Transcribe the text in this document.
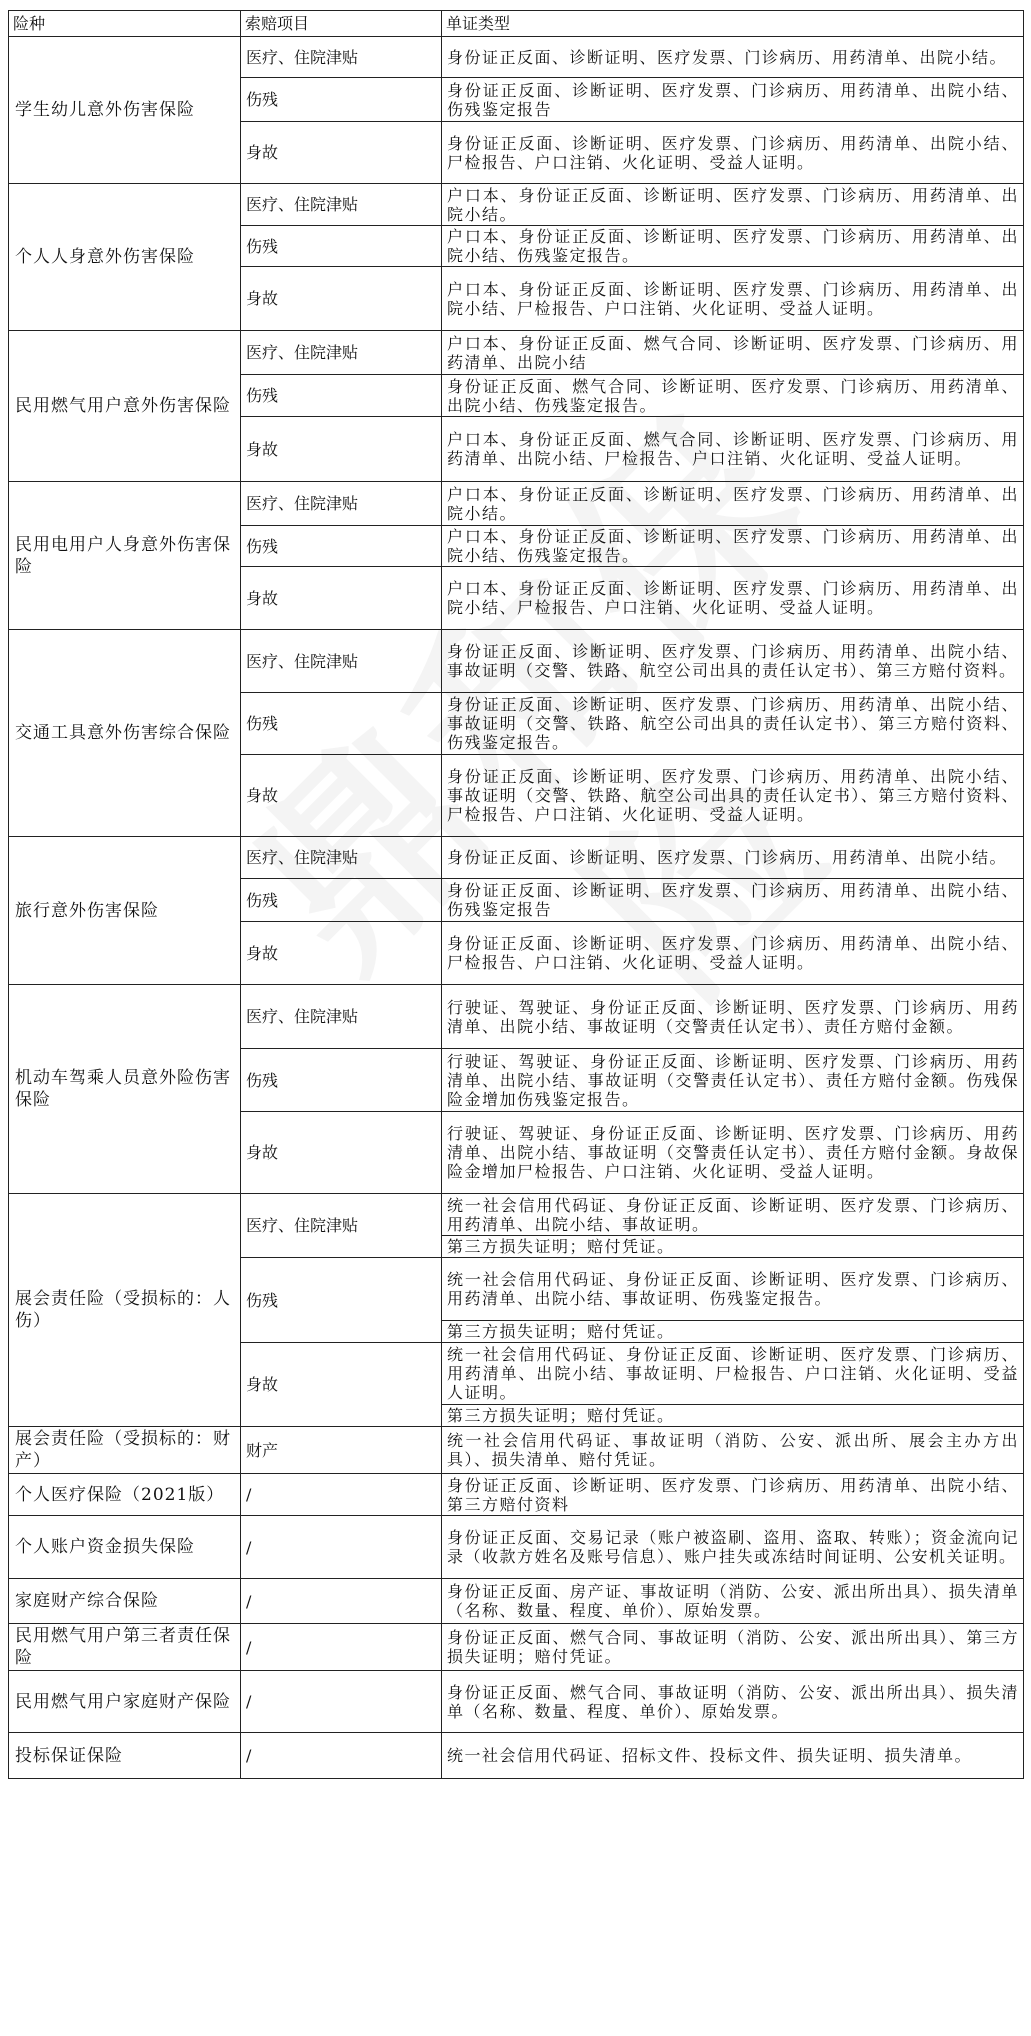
险种	索赔项目	单证类型
学生幼儿意外伤害保险	医疗、住院津贴	身份证正反面、诊断证明、医疗发票、门诊病历、用药清单、出院小结。
	伤残	身份证正反面、诊断证明、医疗发票、门诊病历、用药清单、出院小结、伤残鉴定报告
	身故	身份证正反面、诊断证明、医疗发票、门诊病历、用药清单、出院小结、尸检报告、户口注销、火化证明、受益人证明。
个人人身意外伤害保险	医疗、住院津贴	户口本、身份证正反面、诊断证明、医疗发票、门诊病历、用药清单、出院小结。
	伤残	户口本、身份证正反面、诊断证明、医疗发票、门诊病历、用药清单、出院小结、伤残鉴定报告。
	身故	户口本、身份证正反面、诊断证明、医疗发票、门诊病历、用药清单、出院小结、尸检报告、户口注销、火化证明、受益人证明。
民用燃气用户意外伤害保险	医疗、住院津贴	户口本、身份证正反面、燃气合同、诊断证明、医疗发票、门诊病历、用药清单、出院小结
	伤残	身份证正反面、燃气合同、诊断证明、医疗发票、门诊病历、用药清单、出院小结、伤残鉴定报告。
	身故	户口本、身份证正反面、燃气合同、诊断证明、医疗发票、门诊病历、用药清单、出院小结、尸检报告、户口注销、火化证明、受益人证明。
民用电用户人身意外伤害保险	医疗、住院津贴	户口本、身份证正反面、诊断证明、医疗发票、门诊病历、用药清单、出院小结。
	伤残	户口本、身份证正反面、诊断证明、医疗发票、门诊病历、用药清单、出院小结、伤残鉴定报告。
	身故	户口本、身份证正反面、诊断证明、医疗发票、门诊病历、用药清单、出院小结、尸检报告、户口注销、火化证明、受益人证明。
交通工具意外伤害综合保险	医疗、住院津贴	身份证正反面、诊断证明、医疗发票、门诊病历、用药清单、出院小结、事故证明（交警、铁路、航空公司出具的责任认定书）、第三方赔付资料。
	伤残	身份证正反面、诊断证明、医疗发票、门诊病历、用药清单、出院小结、事故证明（交警、铁路、航空公司出具的责任认定书）、第三方赔付资料、伤残鉴定报告。
	身故	身份证正反面、诊断证明、医疗发票、门诊病历、用药清单、出院小结、事故证明（交警、铁路、航空公司出具的责任认定书）、第三方赔付资料、尸检报告、户口注销、火化证明、受益人证明。
旅行意外伤害保险	医疗、住院津贴	身份证正反面、诊断证明、医疗发票、门诊病历、用药清单、出院小结。
	伤残	身份证正反面、诊断证明、医疗发票、门诊病历、用药清单、出院小结、伤残鉴定报告
	身故	身份证正反面、诊断证明、医疗发票、门诊病历、用药清单、出院小结、尸检报告、户口注销、火化证明、受益人证明。
机动车驾乘人员意外险伤害保险	医疗、住院津贴	行驶证、驾驶证、身份证正反面、诊断证明、医疗发票、门诊病历、用药清单、出院小结、事故证明（交警责任认定书）、责任方赔付金额。
	伤残	行驶证、驾驶证、身份证正反面、诊断证明、医疗发票、门诊病历、用药清单、出院小结、事故证明（交警责任认定书）、责任方赔付金额。伤残保险金增加伤残鉴定报告。
	身故	行驶证、驾驶证、身份证正反面、诊断证明、医疗发票、门诊病历、用药清单、出院小结、事故证明（交警责任认定书）、责任方赔付金额。身故保险金增加尸检报告、户口注销、火化证明、受益人证明。
展会责任险（受损标的：人伤）	医疗、住院津贴	统一社会信用代码证、身份证正反面、诊断证明、医疗发票、门诊病历、用药清单、出院小结、事故证明。
		第三方损失证明；赔付凭证。
	伤残	统一社会信用代码证、身份证正反面、诊断证明、医疗发票、门诊病历、用药清单、出院小结、事故证明、伤残鉴定报告。
		第三方损失证明；赔付凭证。
	身故	统一社会信用代码证、身份证正反面、诊断证明、医疗发票、门诊病历、用药清单、出院小结、事故证明、尸检报告、户口注销、火化证明、受益人证明。
		第三方损失证明；赔付凭证。
展会责任险（受损标的：财产）	财产	统一社会信用代码证、事故证明（消防、公安、派出所、展会主办方出具）、损失清单、赔付凭证。
个人医疗保险（2021版）	/	身份证正反面、诊断证明、医疗发票、门诊病历、用药清单、出院小结、第三方赔付资料
个人账户资金损失保险	/	身份证正反面、交易记录（账户被盗刷、盗用、盗取、转账）；资金流向记录（收款方姓名及账号信息）、账户挂失或冻结时间证明、公安机关证明。
家庭财产综合保险	/	身份证正反面、房产证、事故证明（消防、公安、派出所出具）、损失清单（名称、数量、程度、单价）、原始发票。
民用燃气用户第三者责任保险	/	身份证正反面、燃气合同、事故证明（消防、公安、派出所出具）、第三方损失证明；赔付凭证。
民用燃气用户家庭财产保险	/	身份证正反面、燃气合同、事故证明（消防、公安、派出所出具）、损失清单（名称、数量、程度、单价）、原始发票。
投标保证保险	/	统一社会信用代码证、招标文件、投标文件、损失证明、损失清单。
